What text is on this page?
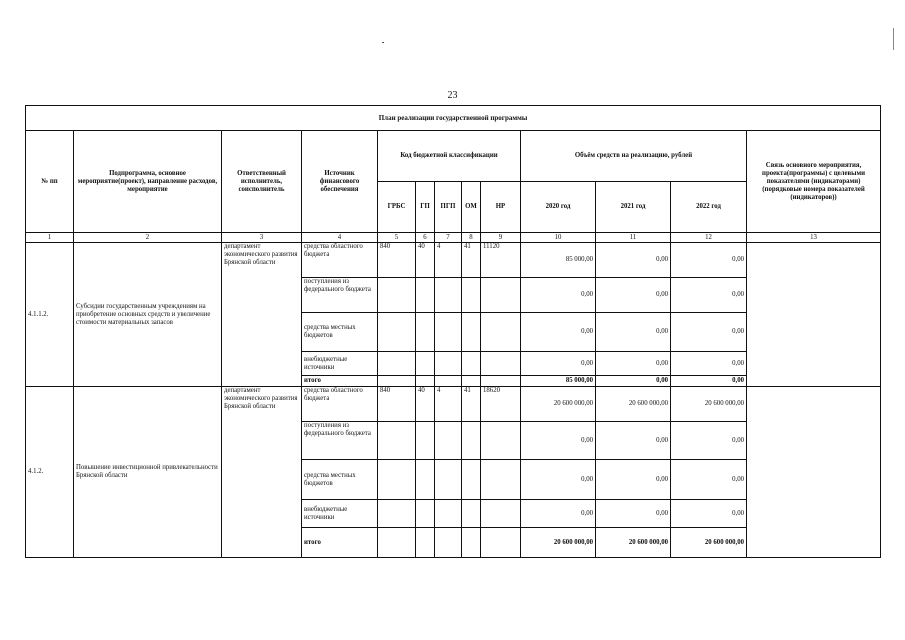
23
План реализации государственной программы												
№ пп	Подпрограмма, основное мероприятие(проект), направление расходов, мероприятие	Ответственный исполнитель, соисполнитель	Источник финансового обеспечения	Код бюджетной классификации					Объём средств на реализацию, рублей			Связь основного мероприятия, проекта(программы) с целевыми показателями (индикаторами) (порядковые номера показателей (индикаторов))
				ГРБС	ГП	ПГП	ОМ	НР	2020 год	2021 год	2022 год	
1	2	3	4	5	6	7	8	9	10	11	12	13
4.1.1.2.	Субсидии государственным учреждениям на приобретение основных средств и увеличение стоимости материальных запасов	департамент экономического развития Брянской области	средства областного бюджета	840	40	4	41	11120	85 000,00	0,00	0,00	
			поступления из федерального бюджета						0,00	0,00	0,00	
			средства местных бюджетов						0,00	0,00	0,00	
			внебюджетные источники						0,00	0,00	0,00	
			итого						85 000,00	0,00	0,00	
4.1.2.	Повышение инвестиционной привлекательности Брянской области	департамент экономического развития Брянской области	средства областного бюджета	840	40	4	41	18620	20 600 000,00	20 600 000,00	20 600 000,00	
			поступления из федерального бюджета						0,00	0,00	0,00	
			средства местных бюджетов						0,00	0,00	0,00	
			внебюджетные источники						0,00	0,00	0,00	
			итого						20 600 000,00	20 600 000,00	20 600 000,00	
